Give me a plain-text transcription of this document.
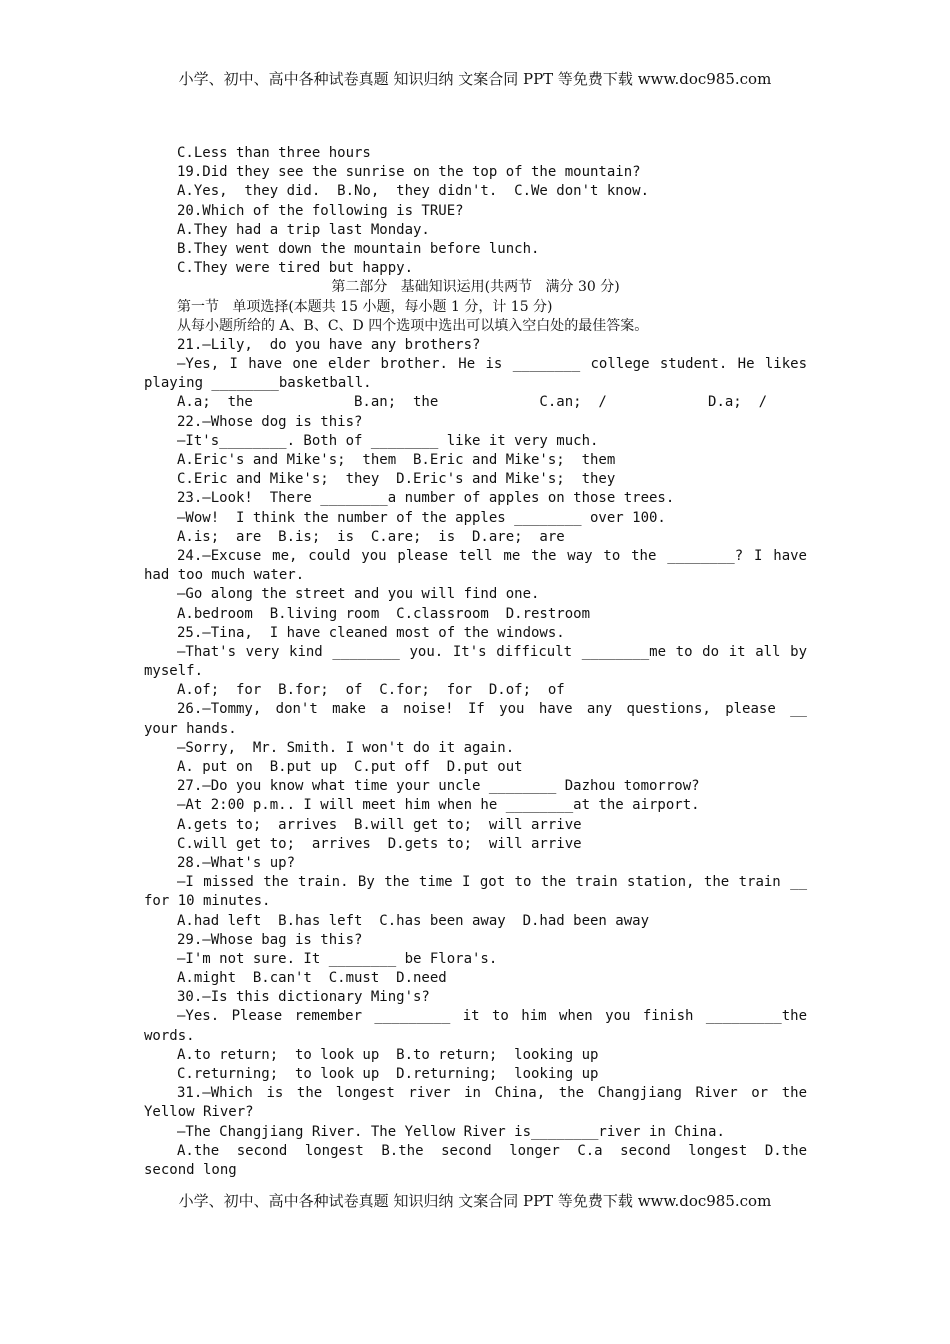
小学、初中、高中各种试卷真题 知识归纳 文案合同 PPT 等免费下载 www.doc985.com
C.Less than three hours
19.Did they see the sunrise on the top of the mountain?
A.Yes,  they did.  B.No,  they didn't.  C.We don't know.
20.Which of the following is TRUE?
A.They had a trip last Monday.
B.They went down the mountain before lunch.
C.They were tired but happy.
第二部分   基础知识运用(共两节   满分 30 分)
第一节   单项选择(本题共 15 小题，每小题 1 分，计 15 分)
从每小题所给的 A、B、C、D 四个选项中选出可以填入空白处的最佳答案。
21.—Lily,  do you have any brothers?
—Yes, I have one elder brother. He is ________ college student. He likes
playing ________basketball.
A.a;  the            B.an;  the            C.an;  /            D.a;  /
22.—Whose dog is this?
—It's________. Both of ________ like it very much.
A.Eric's and Mike's;  them  B.Eric and Mike's;  them
C.Eric and Mike's;  they  D.Eric's and Mike's;  they
23.—Look!  There ________a number of apples on those trees.
—Wow!  I think the number of the apples ________ over 100.
A.is;  are  B.is;  is  C.are;  is  D.are;  are
24.—Excuse me, could you please tell me the way to the ________? I have
had too much water.
—Go along the street and you will find one.
A.bedroom  B.living room  C.classroom  D.restroom
25.—Tina,  I have cleaned most of the windows.
—That's very kind ________ you. It's difficult ________me to do it all by
myself.
A.of;  for  B.for;  of  C.for;  for  D.of;  of
26.—Tommy, don't make a noise! If you have any questions, please __
your hands.
—Sorry,  Mr. Smith. I won't do it again.
A. put on  B.put up  C.put off  D.put out
27.—Do you know what time your uncle ________ Dazhou tomorrow?
—At 2:00 p.m.. I will meet him when he ________at the airport.
A.gets to;  arrives  B.will get to;  will arrive
C.will get to;  arrives  D.gets to;  will arrive
28.—What's up?
—I missed the train. By the time I got to the train station, the train __
for 10 minutes.
A.had left  B.has left  C.has been away  D.had been away
29.—Whose bag is this?
—I'm not sure. It ________ be Flora's.
A.might  B.can't  C.must  D.need
30.—Is this dictionary Ming's?
—Yes. Please remember _________ it to him when you finish _________the
words.
A.to return;  to look up  B.to return;  looking up
C.returning;  to look up  D.returning;  looking up
31.—Which is the longest river in China, the Changjiang River or the
Yellow River?
—The Changjiang River. The Yellow River is________river in China.
A.the second longest B.the second longer C.a second longest D.the
second long
小学、初中、高中各种试卷真题 知识归纳 文案合同 PPT 等免费下载 www.doc985.com
